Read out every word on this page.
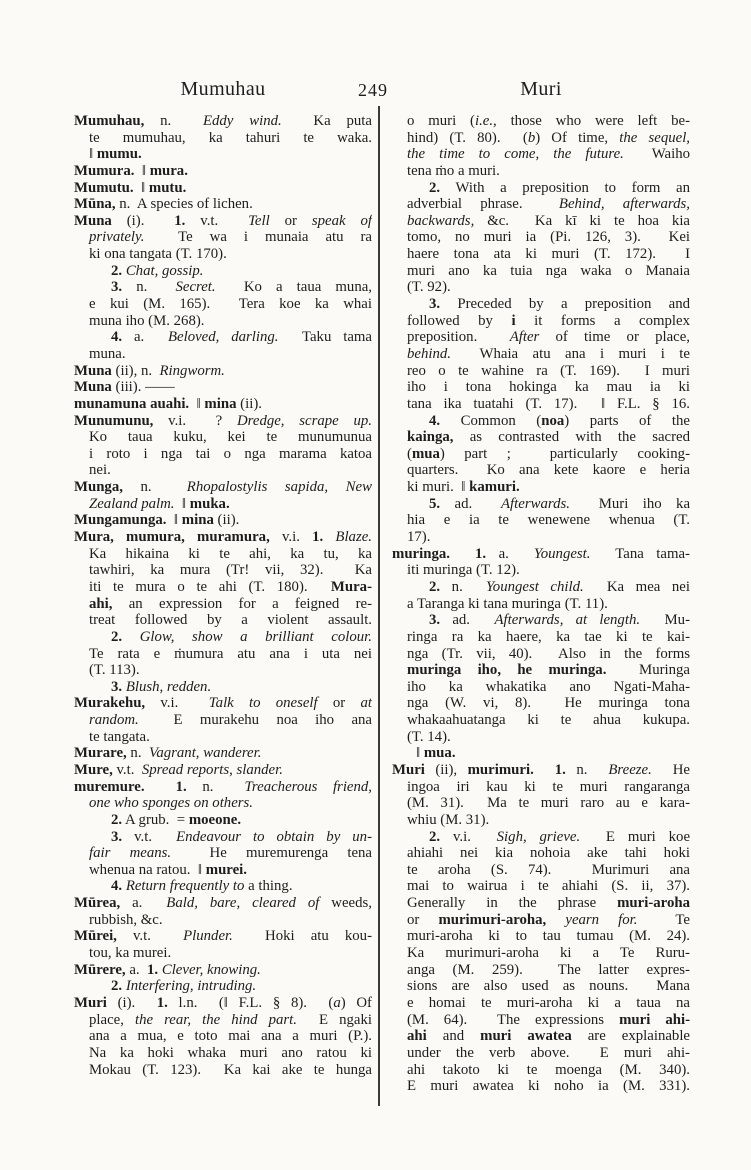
Mumuhau	249	Muri
Mumuhau, n.  Eddy wind.  Ka puta
te mumuhau, ka tahuri te waka.
‖ mumu.
Mumura.  ‖ mura.
Mumutu.  ‖ mutu.
Mūna, n.  A species of lichen.
Muna (i).  1. v.t.  Tell or speak of
privately.  Te wa i munaia atu ra
ki ona tangata (T. 170).
2. Chat, gossip.
3. n.  Secret.  Ko a taua muna,
e kui (M. 165).  Tera koe ka whai
muna iho (M. 268).
4. a.  Beloved, darling.  Taku tama
muna.
Muna (ii), n.  Ringworm.
Muna (iii). ——
munamuna auahi.  ‖ mina (ii).
Munumunu, v.i.  ? Dredge, scrape up.
Ko taua kuku, kei te munumunua
i roto i nga tai o nga marama katoa
nei.
Munga, n.  Rhopalostylis sapida, New
Zealand palm.  ‖ muka.
Mungamunga.  ‖ mina (ii).
Mura, mumura, muramura, v.i. 1. Blaze.
Ka hikaina ki te ahi, ka tu, ka
tawhiri, ka mura (Tr! vii, 32).  Ka
iti te mura o te ahi (T. 180).  Mura-
ahi, an expression for a feigned re-
treat followed by a violent assault.
2. Glow, show a brilliant colour.
Te rata e ṁumura atu ana i uta nei
(T. 113).
3. Blush, redden.
Murakehu, v.i.  Talk to oneself or at
random.  E murakehu noa iho ana
te tangata.
Murare, n.  Vagrant, wanderer.
Mure, v.t.  Spread reports, slander.
muremure. 1. n.  Treacherous friend,
one who sponges on others.
2. A grub.  = moeone.
3. v.t.  Endeavour to obtain by un-
fair means.  He muremurenga tena
whenua na ratou.  ‖ murei.
4. Return frequently to a thing.
Mūrea, a.  Bald, bare, cleared of weeds,
rubbish, &c.
Mūrei, v.t.  Plunder.  Hoki atu kou-
tou, ka murei.
Mūrere, a.  1. Clever, knowing.
2. Interfering, intruding.
Muri (i).  1. l.n.  (‖ F.L. § 8).  (a) Of
place, the rear, the hind part.  E ngaki
ana a mua, e toto mai ana a muri (P.).
Na ka hoki whaka muri ano ratou ki
Mokau (T. 123).  Ka kai ake te hunga
o muri (i.e., those who were left be-
hind) (T. 80).  (b) Of time, the sequel,
the time to come, the future.  Waiho
tena ṁo a muri.
2. With a preposition to form an
adverbial phrase.  Behind, afterwards,
backwards, &c.  Ka kī ki te hoa kia
tomo, no muri ia (Pi. 126, 3).  Kei
haere tona ata ki muri (T. 172).  I
muri ano ka tuia nga waka o Manaia
(T. 92).
3. Preceded by a preposition and
followed by i it forms a complex
preposition.  After of time or place,
behind.  Whaia atu ana i muri i te
reo o te wahine ra (T. 169).  I muri
iho i tona hokinga ka mau ia ki
tana ika tuatahi (T. 17).  ‖ F.L. § 16.
4. Common (noa) parts of the
kainga, as contrasted with the sacred
(mua) part ;  particularly cooking-
quarters.  Ko ana kete kaore e heria
ki muri.  ‖ kamuri.
5. ad.  Afterwards.  Muri iho ka
hia e ia te wenewene whenua (T.
17).
muringa. 1. a.  Youngest.  Tana tama-
iti muringa (T. 12).
2. n.  Youngest child.  Ka mea nei
a Taranga ki tana muringa (T. 11).
3. ad.  Afterwards, at length.  Mu-
ringa ra ka haere, ka tae ki te kai-
nga (Tr. vii, 40).  Also in the forms
muringa iho, he muringa.  Muringa
iho ka whakatika ano Ngati-Maha-
nga (W. vi, 8).  He muringa tona
whakaahuatanga ki te ahua kukupa.
(T. 14).
‖ mua.
Muri (ii), murimuri. 1. n.  Breeze.  He
ingoa iri kau ki te muri rangaranga
(M. 31).  Ma te muri raro au e kara-
whiu (M. 31).
2. v.i.  Sigh, grieve.  E muri koe
ahiahi nei kia nohoia ake tahi hoki
te aroha (S. 74).  Murimuri ana
mai to wairua i te ahiahi (S. ii, 37).
Generally in the phrase muri-aroha
or murimuri-aroha, yearn for.  Te
muri-aroha ki to tau tumau (M. 24).
Ka murimuri-aroha ki a Te Ruru-
anga (M. 259).  The latter expres-
sions are also used as nouns.  Mana
e homai te muri-aroha ki a taua na
(M. 64).  The expressions muri ahi-
ahi and muri awatea are explainable
under the verb above.  E muri ahi-
ahi takoto ki te moenga (M. 340).
E muri awatea ki noho ia (M. 331).
